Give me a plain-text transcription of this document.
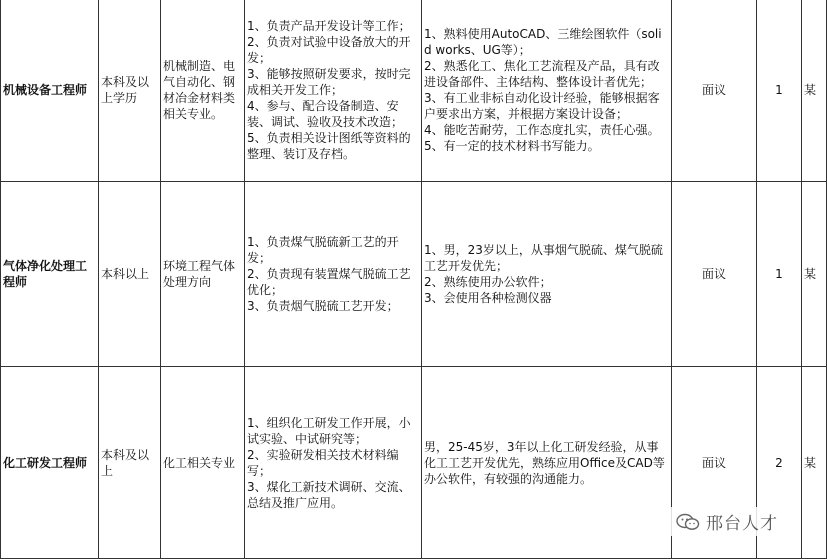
机械设备工程师	本科及以上学历	机械制造、电气自动化、钢材冶金材料类相关专业。	1、负责产品开发设计等工作；
2、负责对试验中设备放大的开发；
3、能够按照研发要求，按时完成相关开发工作；
4、参与、配合设备制造、安装、调试、验收及技术改造；
5、负责相关设计图纸等资料的整理、装订及存档。	1、熟料使用AutoCAD、三维绘图软件（solid works、UG等）；
2、熟悉化工、焦化工艺流程及产品，具有改进设备部件、主体结构、整体设计者优先；
3、有工业非标自动化设计经验，能够根据客户要求出方案，并根据方案设计设备；
4、能吃苦耐劳，工作态度扎实，责任心强。
5、有一定的技术材料书写能力。	面议	1	某
气体净化处理工程师	本科以上	环境工程气体处理方向	1、负责煤气脱硫新工艺的开发；
2、负责现有装置煤气脱硫工艺优化；
3、负责烟气脱硫工艺开发；	1、男，23岁以上，从事烟气脱硫、煤气脱硫工艺开发优先；
2、熟练使用办公软件；
3、会使用各种检测仪器	面议	1	某
化工研发工程师	本科及以上	化工相关专业	1、组织化工研发工作开展，小试实验、中试研究等；
2、实验研发相关技术材料编写；
3、煤化工新技术调研、交流、总结及推广应用。	男，25-45岁，3年以上化工研发经验，从事化工工艺开发优先，熟练应用Office及CAD等办公软件，有较强的沟通能力。	面议	2	某
邢台人才
